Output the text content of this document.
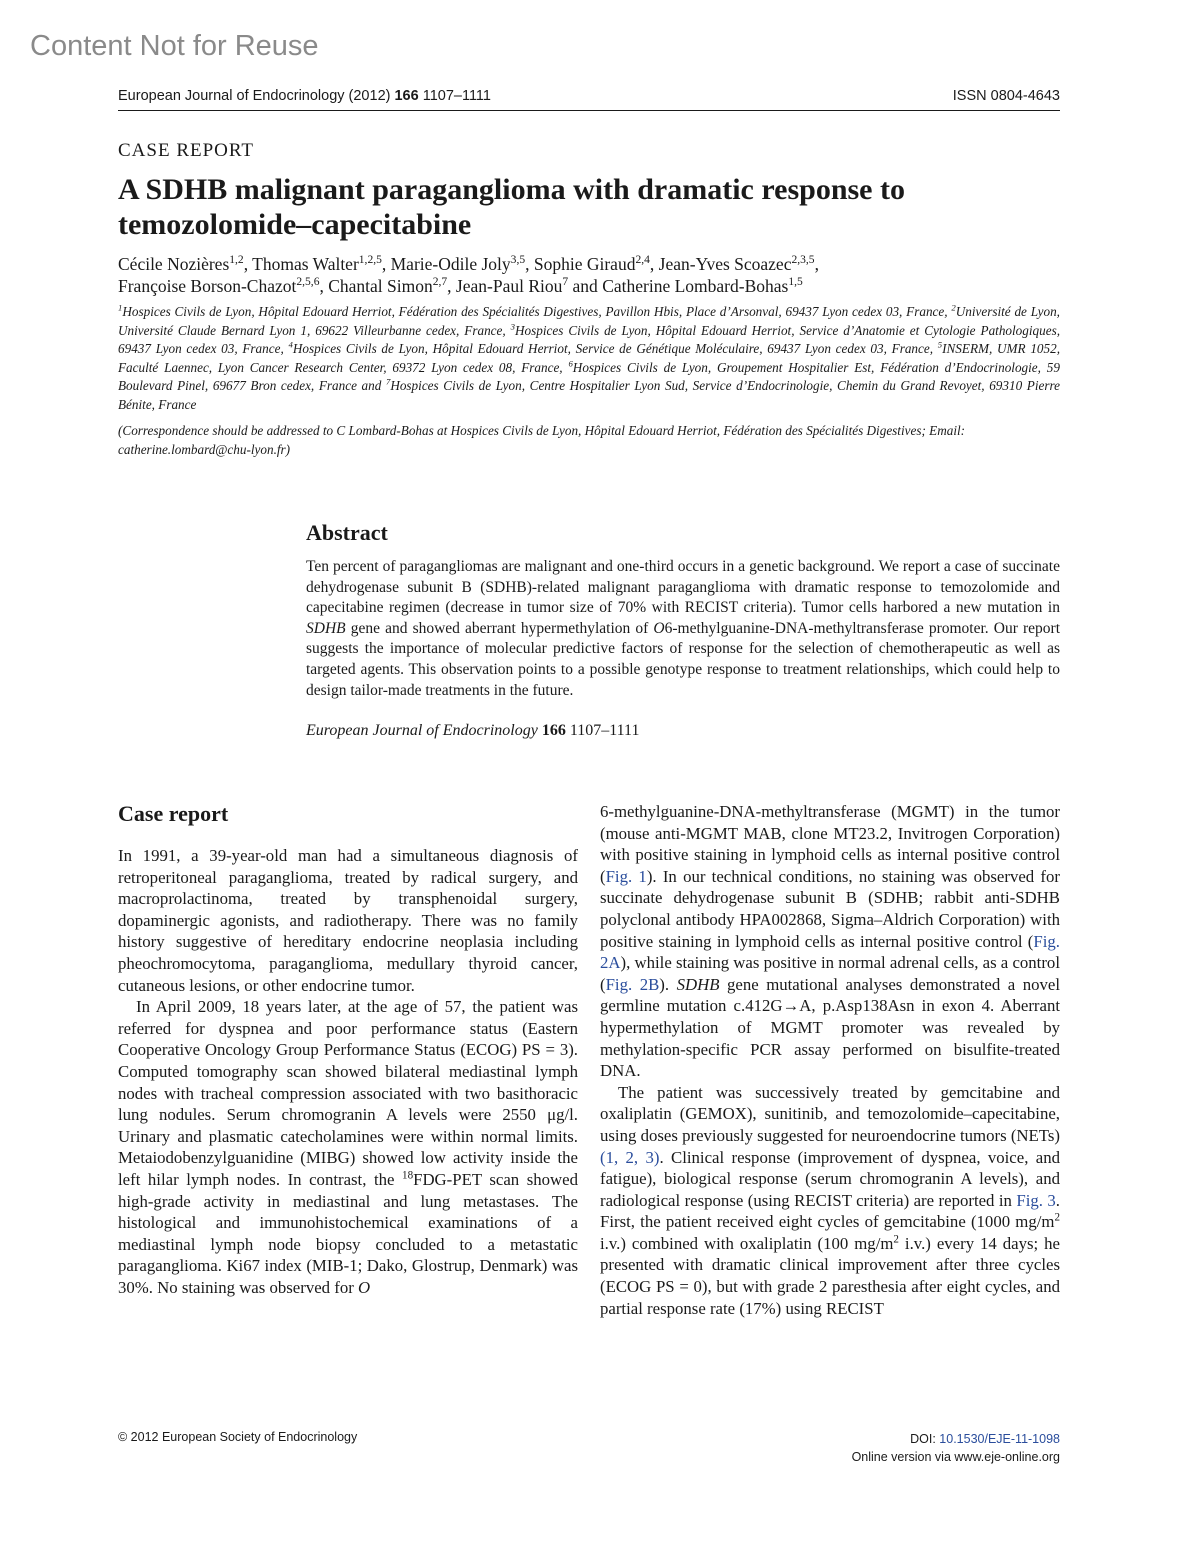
Content Not for Reuse
European Journal of Endocrinology (2012) 166 1107–1111	ISSN 0804-4643
CASE REPORT
A SDHB malignant paraganglioma with dramatic response to temozolomide–capecitabine
Cécile Nozières$^{1,2}$, Thomas Walter$^{1,2,5}$, Marie-Odile Joly$^{3,5}$, Sophie Giraud$^{2,4}$, Jean-Yves Scoazec$^{2,3,5}$,
Françoise Borson-Chazot$^{2,5,6}$, Chantal Simon$^{2,7}$, Jean-Paul Riou$^7$ and Catherine Lombard-Bohas$^{1,5}$
$^1$Hospices Civils de Lyon, Hôpital Edouard Herriot, Fédération des Spécialités Digestives, Pavillon Hbis, Place d’Arsonval, 69437 Lyon cedex 03, France, $^2$Université de Lyon, Université Claude Bernard Lyon 1, 69622 Villeurbanne cedex, France, $^3$Hospices Civils de Lyon, Hôpital Edouard Herriot, Service d’Anatomie et Cytologie Pathologiques, 69437 Lyon cedex 03, France, $^4$Hospices Civils de Lyon, Hôpital Edouard Herriot, Service de Génétique Moléculaire, 69437 Lyon cedex 03, France, $^5$INSERM, UMR 1052, Faculté Laennec, Lyon Cancer Research Center, 69372 Lyon cedex 08, France, $^6$Hospices Civils de Lyon, Groupement Hospitalier Est, Fédération d’Endocrinologie, 59 Boulevard Pinel, 69677 Bron cedex, France and $^7$Hospices Civils de Lyon, Centre Hospitalier Lyon Sud, Service d’Endocrinologie, Chemin du Grand Revoyet, 69310 Pierre Bénite, France
(Correspondence should be addressed to C Lombard-Bohas at Hospices Civils de Lyon, Hôpital Edouard Herriot, Fédération des Spécialités Digestives; Email: catherine.lombard@chu-lyon.fr)
Abstract

Ten percent of paragangliomas are malignant and one-third occurs in a genetic background. We report a case of succinate dehydrogenase subunit B (SDHB)-related malignant paraganglioma with dramatic response to temozolomide and capecitabine regimen (decrease in tumor size of 70% with RECIST criteria). Tumor cells harbored a new mutation in SDHB gene and showed aberrant hypermethylation of O6-methylguanine-DNA-methyltransferase promoter. Our report suggests the importance of molecular predictive factors of response for the selection of chemotherapeutic as well as targeted agents. This observation points to a possible genotype response to treatment relationships, which could help to design tailor-made treatments in the future.

European Journal of Endocrinology 166 1107–1111

Case report

In 1991, a 39-year-old man had a simultaneous diagnosis of retroperitoneal paraganglioma, treated by radical surgery, and macroprolactinoma, treated by transphenoidal surgery, dopaminergic agonists, and radiotherapy. There was no family history suggestive of hereditary endocrine neoplasia including pheochromocytoma, paraganglioma, medullary thyroid cancer, cutaneous lesions, or other endocrine tumor.

In April 2009, 18 years later, at the age of 57, the patient was referred for dyspnea and poor performance status (Eastern Cooperative Oncology Group Performance Status (ECOG) PS = 3). Computed tomography scan showed bilateral mediastinal lymph nodes with tracheal compression associated with two basithoracic lung nodules. Serum chromogranin A levels were 2550 μg/l. Urinary and plasmatic catecholamines were within normal limits. Metaiodobenzylguanidine (MIBG) showed low activity inside the left hilar lymph nodes. In contrast, the $^{18}$FDG-PET scan showed high-grade activity in mediastinal and lung metastases. The histological and immunohistochemical examinations of a mediastinal lymph node biopsy concluded to a metastatic paraganglioma. Ki67 index (MIB-1; Dako, Glostrup, Denmark) was 30%. No staining was observed for O

6-methylguanine-DNA-methyltransferase (MGMT) in the tumor (mouse anti-MGMT MAB, clone MT23.2, Invitrogen Corporation) with positive staining in lymphoid cells as internal positive control (Fig. 1). In our technical conditions, no staining was observed for succinate dehydrogenase subunit B (SDHB; rabbit anti-SDHB polyclonal antibody HPA002868, Sigma–Aldrich Corporation) with positive staining in lymphoid cells as internal positive control (Fig. 2A), while staining was positive in normal adrenal cells, as a control (Fig. 2B). SDHB gene mutational analyses demonstrated a novel germline mutation c.412G→A, p.Asp138Asn in exon 4. Aberrant hypermethylation of MGMT promoter was revealed by methylation-specific PCR assay performed on bisulfite-treated DNA.

The patient was successively treated by gemcitabine and oxaliplatin (GEMOX), sunitinib, and temozolomide–capecitabine, using doses previously suggested for neuroendocrine tumors (NETs) (1, 2, 3). Clinical response (improvement of dyspnea, voice, and fatigue), biological response (serum chromogranin A levels), and radiological response (using RECIST criteria) are reported in Fig. 3. First, the patient received eight cycles of gemcitabine (1000 $mg/m^2$ i.v.) combined with oxaliplatin (100 $mg/m^2$ i.v.) every 14 days; he presented with dramatic clinical improvement after three cycles (ECOG PS = 0), but with grade 2 paresthesia after eight cycles, and partial response rate (17%) using RECIST

© 2012 European Society of Endocrinology	DOI: 10.1530/EJE-11-1098
Online version via www.eje-online.org
